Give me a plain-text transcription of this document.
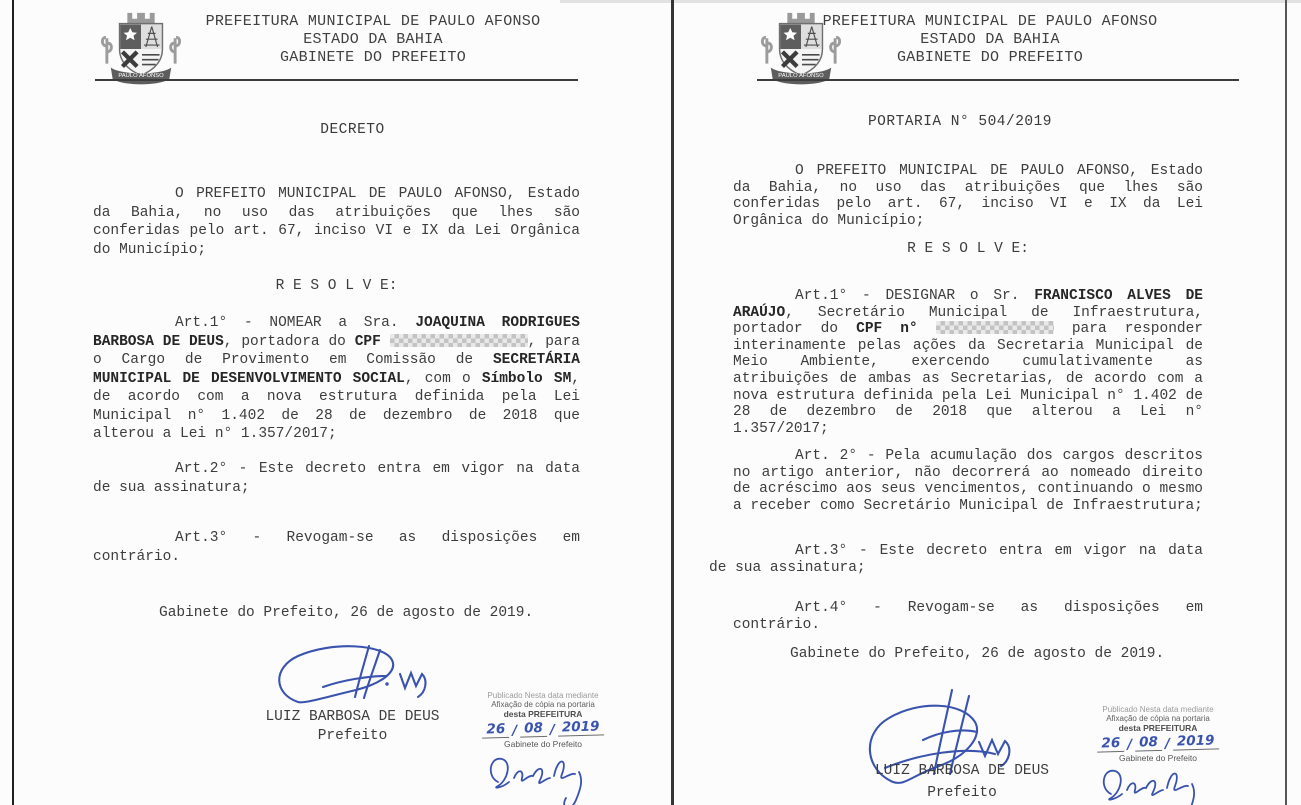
PAULO AFONSO
PREFEITURA MUNICIPAL DE PAULO AFONSO
ESTADO DA BAHIA
GABINETE DO PREFEITO
DECRETO
O PREFEITO MUNICIPAL DE PAULO AFONSO, Estado da Bahia, no uso das atribuições que lhes são conferidas pelo art. 67, inciso VI e IX da Lei Orgânica do Município;
R E S O L V E:
Art.1° - NOMEAR a Sra. JOAQUINA RODRIGUES BARBOSA DE DEUS, portadora do CPF	, para o Cargo de Provimento em Comissão de SECRETÁRIA MUNICIPAL DE DESENVOLVIMENTO SOCIAL, com o Símbolo SM, de acordo com a nova estrutura definida pela Lei Municipal n° 1.402 de 28 de dezembro de 2018 que alterou a Lei n° 1.357/2017;
Art.2° - Este decreto entra em vigor na data de sua assinatura;
Art.3° - Revogam-se as disposições em contrário.
Gabinete do Prefeito, 26 de agosto de 2019.
LUIZ BARBOSA DE DEUS
Prefeito
Publicado Nesta data mediante
Afixação de cópia na portaria
desta PREFEITURA
26 / 08 / 2019
Gabinete do Prefeito
PAULO AFONSO
PREFEITURA MUNICIPAL DE PAULO AFONSO
ESTADO DA BAHIA
GABINETE DO PREFEITO
PORTARIA N° 504/2019
O PREFEITO MUNICIPAL DE PAULO AFONSO, Estado da Bahia, no uso das atribuições que lhes são conferidas pelo art. 67, inciso VI e IX da Lei Orgânica do Município;
R E S O L V E:
Art.1° - DESIGNAR o Sr. FRANCISCO ALVES DE ARAÚJO, Secretário Municipal de Infraestrutura, portador do CPF n°	para responder interinamente pelas ações da Secretaria Municipal de Meio Ambiente, exercendo cumulativamente as atribuições de ambas as Secretarias, de acordo com a nova estrutura definida pela Lei Municipal n° 1.402 de 28 de dezembro de 2018 que alterou a Lei n° 1.357/2017;
Art. 2° - Pela acumulação dos cargos descritos no artigo anterior, não decorrerá ao nomeado direito de acréscimo aos seus vencimentos, continuando o mesmo a receber como Secretário Municipal de Infraestrutura;
Art.3° - Este decreto entra em vigor na data de sua assinatura;
Art.4° - Revogam-se as disposições em contrário.
Gabinete do Prefeito, 26 de agosto de 2019.
LUIZ BARBOSA DE DEUS
Prefeito
Publicado Nesta data mediante
Afixação de cópia na portaria
desta PREFEITURA
26 / 08 / 2019
Gabinete do Prefeito
